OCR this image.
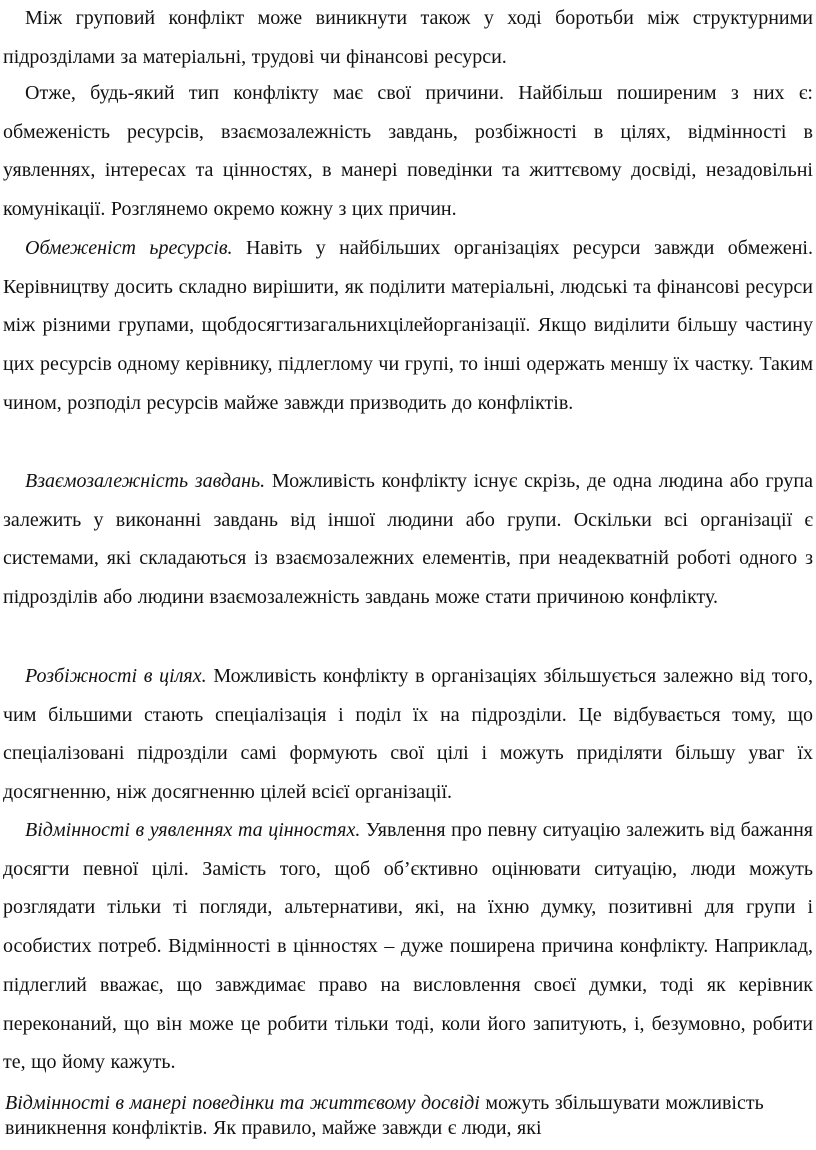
Між груповий конфлікт може виникнути також у ході боротьби між структурними підрозділами за матеріальні, трудові чи фінансові ресурси.

Отже, будь-який тип конфлікту має свої причини. Найбільш поширеним з них є: обмеженість ресурсів, взаємозалежність завдань, розбіжності в цілях, відмінності в уявленнях, інтересах та цінностях, в манері поведінки та життєвому досвіді, незадовільні комунікації. Розглянемо окремо кожну з цих причин.

Обмеженіст ьресурсів. Навіть у найбільших організаціях ресурси завжди обмежені. Керівництву досить складно вирішити, як поділити матеріальні, людські та фінансові ресурси між різними групами, щобдосягтизагальнихцілейорганізації. Якщо виділити більшу частину цих ресурсів одному керівнику, підлеглому чи групі, то інші одержать меншу їх частку. Таким чином, розподіл ресурсів майже завжди призводить до конфліктів.

Взаємозалежність завдань. Можливість конфлікту існує скрізь, де одна людина або група залежить у виконанні завдань від іншої людини або групи. Оскільки всі організації є системами, які складаються із взаємозалежних елементів, при неадекватній роботі одного з підрозділів або людини взаємозалежність завдань може стати причиною конфлікту.

Розбіжності в цілях. Можливість конфлікту в організаціях збільшується залежно від того, чим більшими стають спеціалізація і поділ їх на підрозділи. Це відбувається тому, що спеціалізовані підрозділи самі формують свої цілі і можуть приділяти більшу уваг їх досягненню, ніж досягненню цілей всієї організації.

Відмінності в уявленнях та цінностях. Уявлення про певну ситуацію залежить від бажання досягти певної цілі. Замість того, щоб об’єктивно оцінювати ситуацію, люди можуть розглядати тільки ті погляди, альтернативи, які, на їхню думку, позитивні для групи і особистих потреб. Відмінності в цінностях – дуже поширена причина конфлікту. Наприклад, підлеглий вважає, що завждимає право на висловлення своєї думки, тоді як керівник переконаний, що він може це робити тільки тоді, коли його запитують, і, безумовно, робити те, що йому кажуть.

Відмінності в манері поведінки та життєвому досвіді можуть збільшувати можливість виникнення конфліктів. Як правило, майже завжди є люди, які
